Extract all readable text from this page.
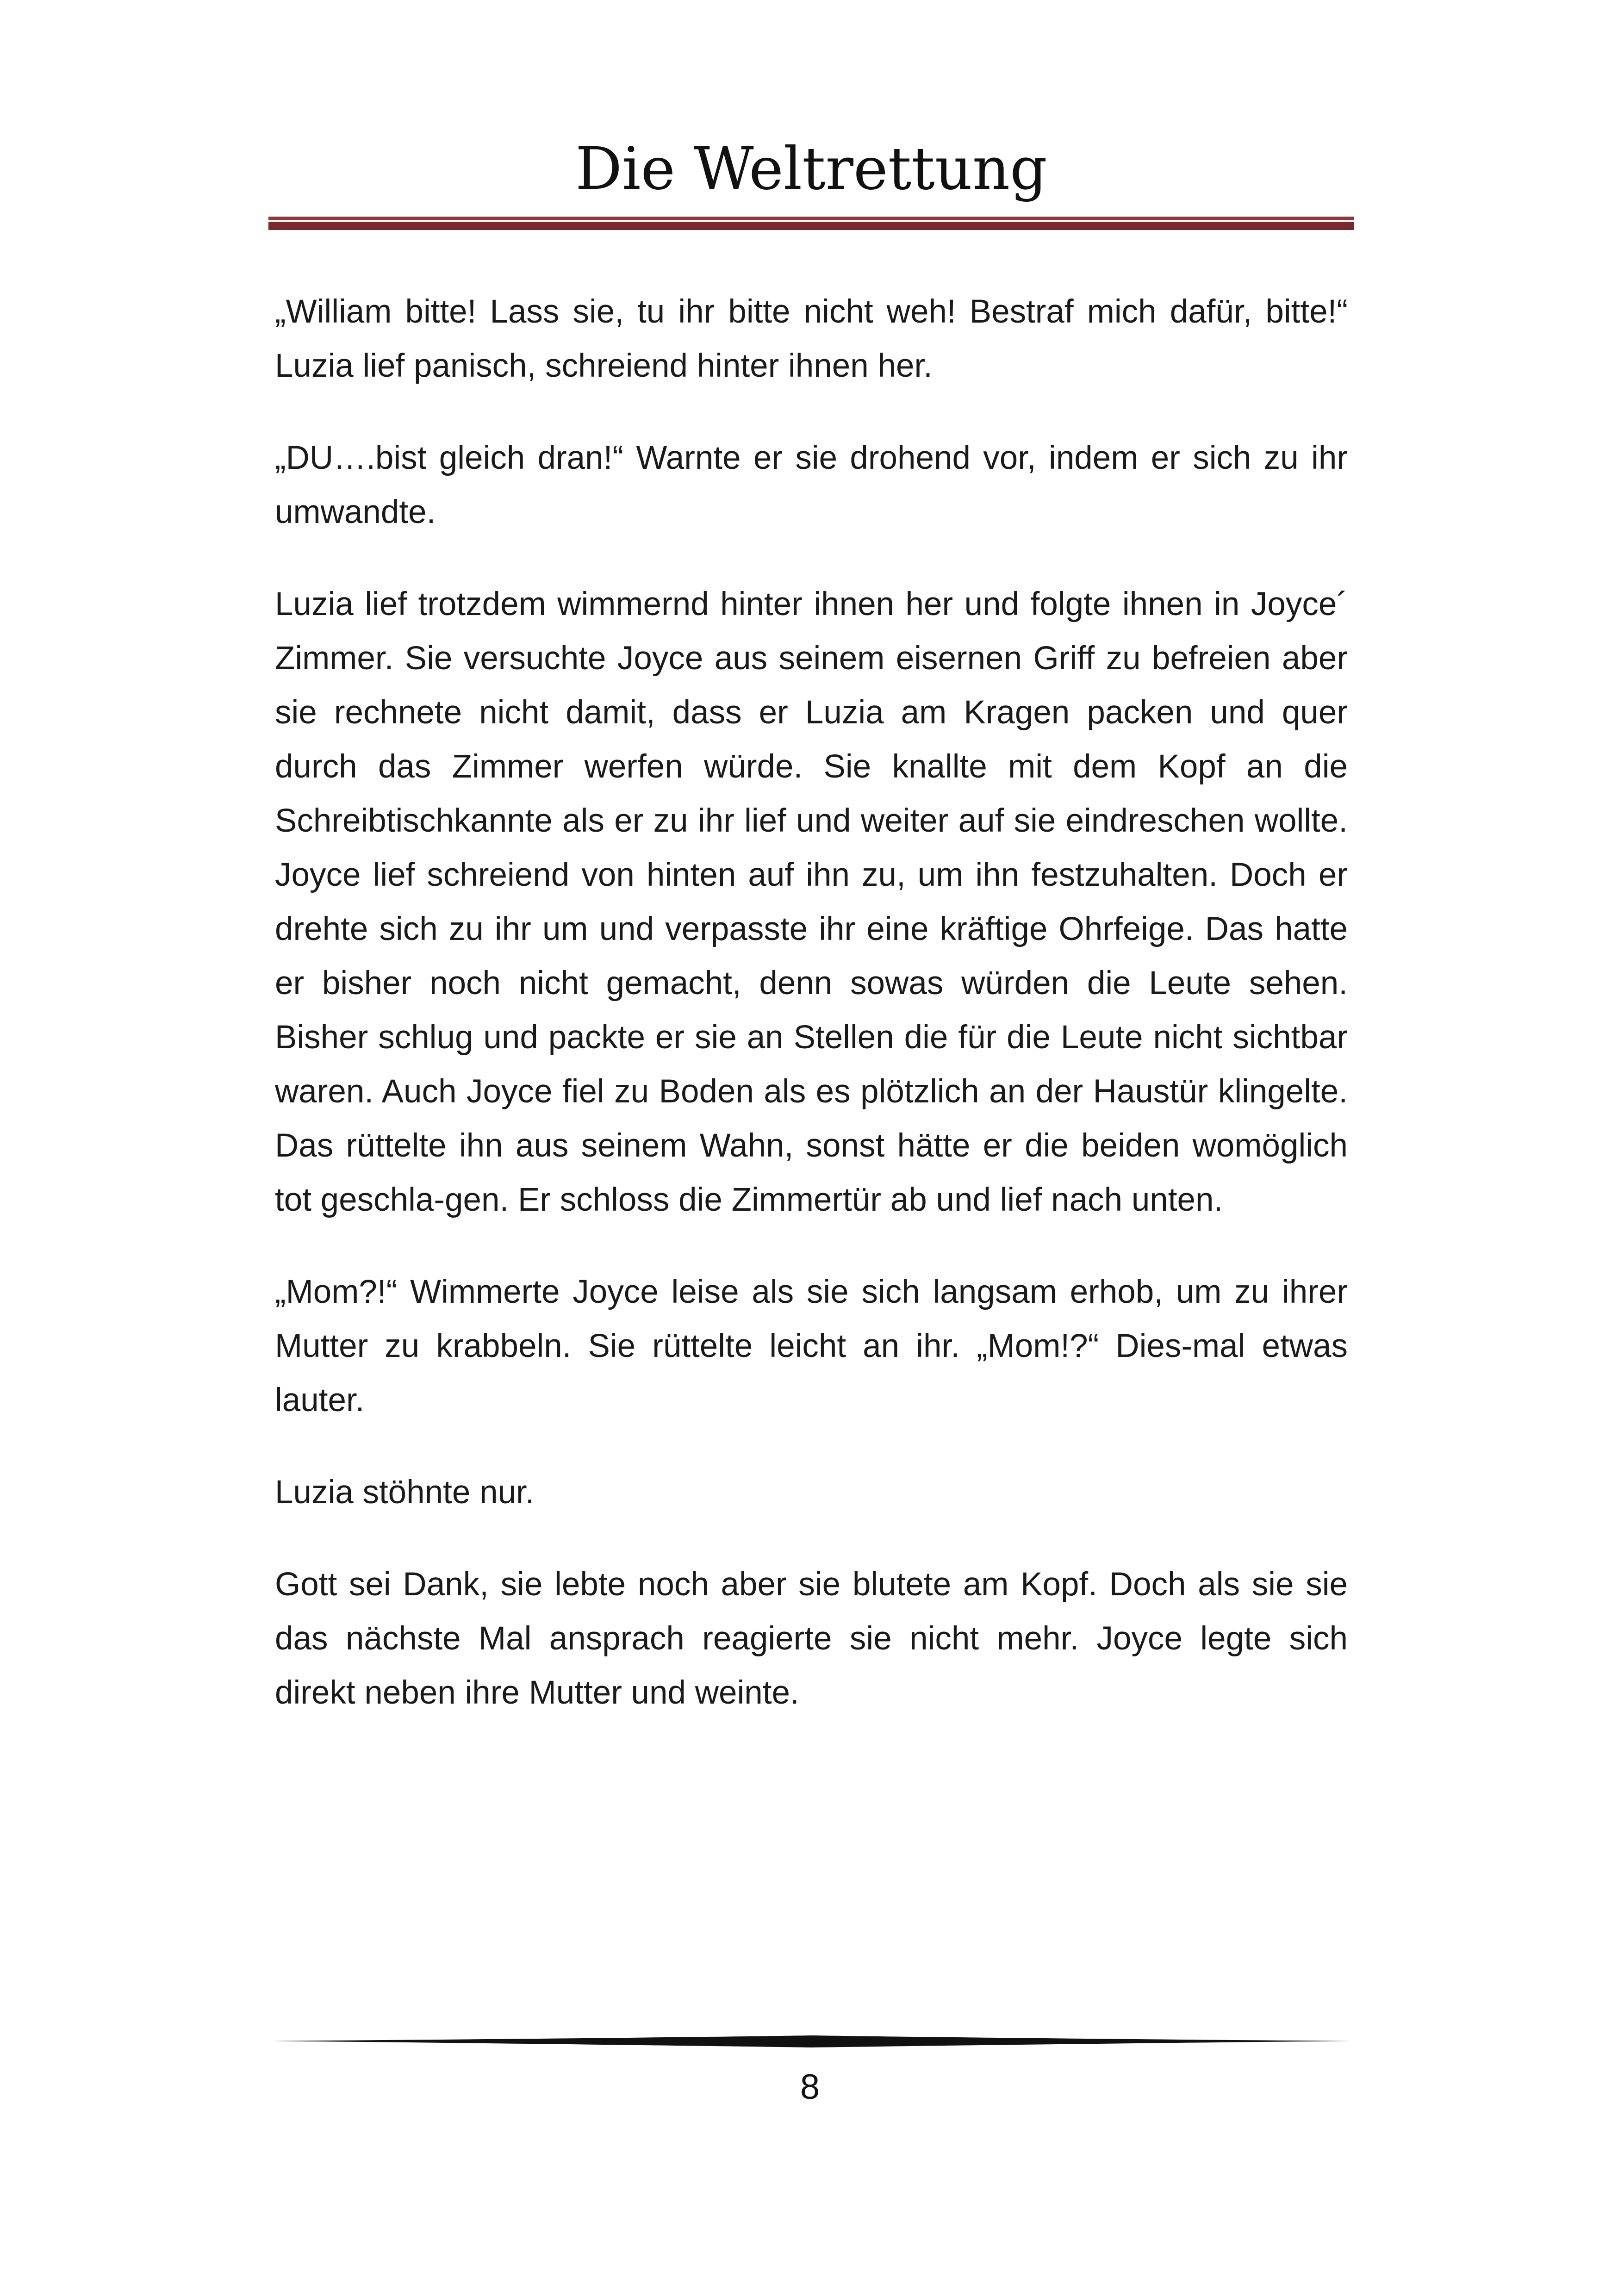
Die Weltrettung

„William bitte! Lass sie, tu ihr bitte nicht weh! Bestraf mich dafür, bitte!“ Luzia lief panisch, schreiend hinter ihnen her.

„DU….bist gleich dran!“ Warnte er sie drohend vor, indem er sich zu ihr umwandte.

Luzia lief trotzdem wimmernd hinter ihnen her und folgte ihnen in Joyce´ Zimmer. Sie versuchte Joyce aus seinem eisernen Griff zu befreien aber sie rechnete nicht damit, dass er Luzia am Kragen packen und quer durch das Zimmer werfen würde. Sie knallte mit dem Kopf an die Schreibtischkannte als er zu ihr lief und weiter auf sie eindreschen wollte. Joyce lief schreiend von hinten auf ihn zu, um ihn festzuhalten. Doch er drehte sich zu ihr um und verpasste ihr eine kräftige Ohrfeige. Das hatte er bisher noch nicht gemacht, denn sowas würden die Leute sehen. Bisher schlug und packte er sie an Stellen die für die Leute nicht sichtbar waren. Auch Joyce fiel zu Boden als es plötzlich an der Haustür klingelte. Das rüttelte ihn aus seinem Wahn, sonst hätte er die beiden womöglich tot geschla-gen. Er schloss die Zimmertür ab und lief nach unten.

„Mom?!“ Wimmerte Joyce leise als sie sich langsam erhob, um zu ihrer Mutter zu krabbeln. Sie rüttelte leicht an ihr. „Mom!?“ Dies-mal etwas lauter.

Luzia stöhnte nur.

Gott sei Dank, sie lebte noch aber sie blutete am Kopf. Doch als sie sie das nächste Mal ansprach reagierte sie nicht mehr. Joyce legte sich direkt neben ihre Mutter und weinte.

8
